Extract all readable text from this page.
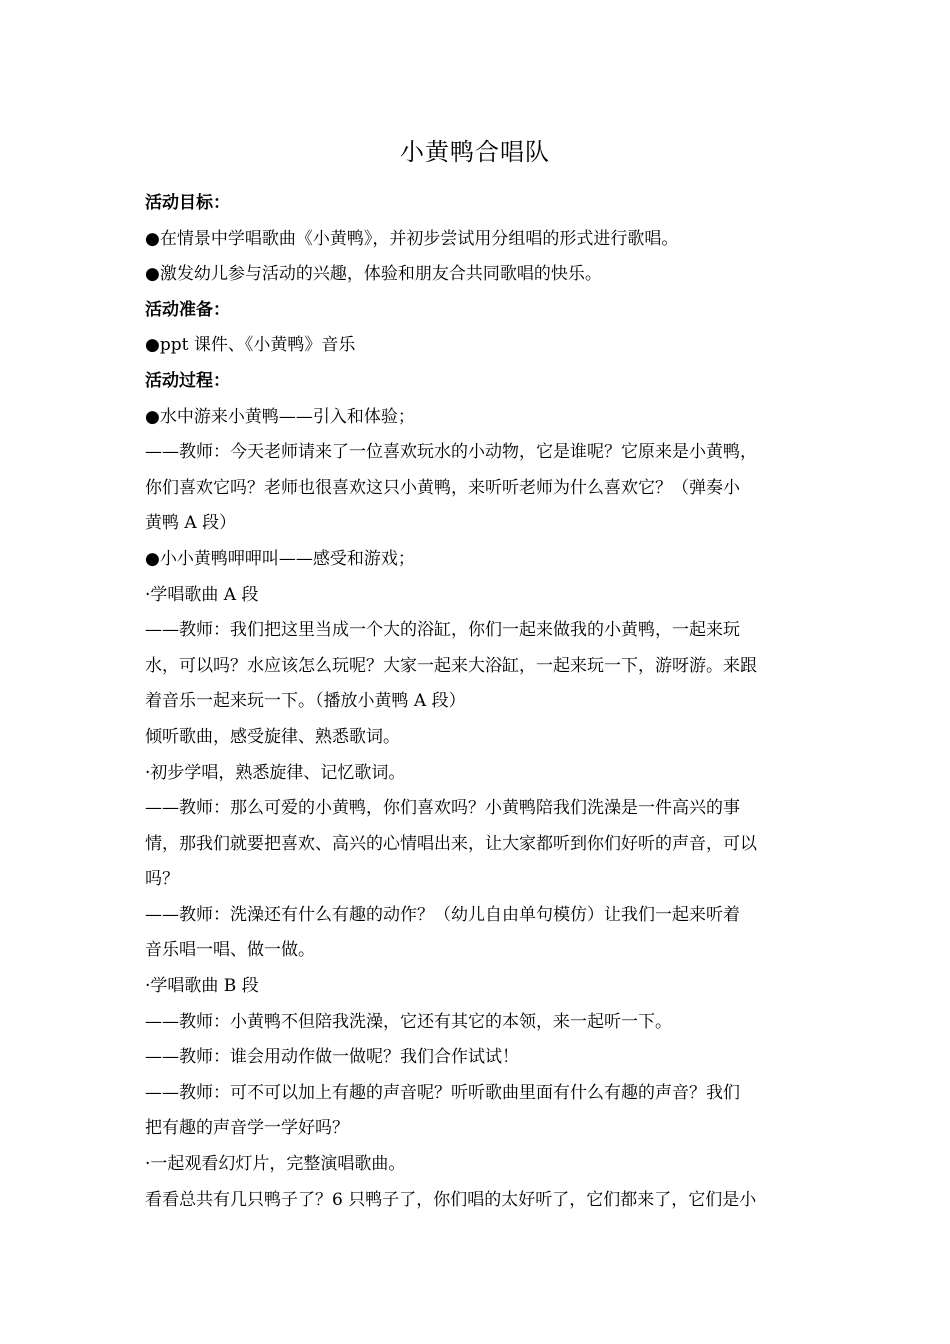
小黄鸭合唱队

活动目标：

●在情景中学唱歌曲《小黄鸭》，并初步尝试用分组唱的形式进行歌唱。

●激发幼儿参与活动的兴趣，体验和朋友合共同歌唱的快乐。

活动准备：

●ppt 课件、《小黄鸭》音乐

活动过程：

●水中游来小黄鸭——引入和体验；

——教师：今天老师请来了一位喜欢玩水的小动物，它是谁呢？它原来是小黄鸭，

你们喜欢它吗？老师也很喜欢这只小黄鸭，来听听老师为什么喜欢它？（弹奏小

黄鸭 A 段）

●小小黄鸭呷呷叫——感受和游戏；

·学唱歌曲 A 段

——教师：我们把这里当成一个大的浴缸，你们一起来做我的小黄鸭，一起来玩

水，可以吗？水应该怎么玩呢？大家一起来大浴缸，一起来玩一下，游呀游。来跟

着音乐一起来玩一下。（播放小黄鸭 A 段）

倾听歌曲，感受旋律、熟悉歌词。

·初步学唱，熟悉旋律、记忆歌词。

——教师：那么可爱的小黄鸭，你们喜欢吗？小黄鸭陪我们洗澡是一件高兴的事

情，那我们就要把喜欢、高兴的心情唱出来，让大家都听到你们好听的声音，可以

吗？

——教师：洗澡还有什么有趣的动作？（幼儿自由单句模仿）让我们一起来听着

音乐唱一唱、做一做。

·学唱歌曲 B 段

——教师：小黄鸭不但陪我洗澡，它还有其它的本领，来一起听一下。

——教师：谁会用动作做一做呢？我们合作试试！

——教师：可不可以加上有趣的声音呢？听听歌曲里面有什么有趣的声音？我们

把有趣的声音学一学好吗？

·一起观看幻灯片，完整演唱歌曲。

看看总共有几只鸭子了？6 只鸭子了，你们唱的太好听了，它们都来了，它们是小
